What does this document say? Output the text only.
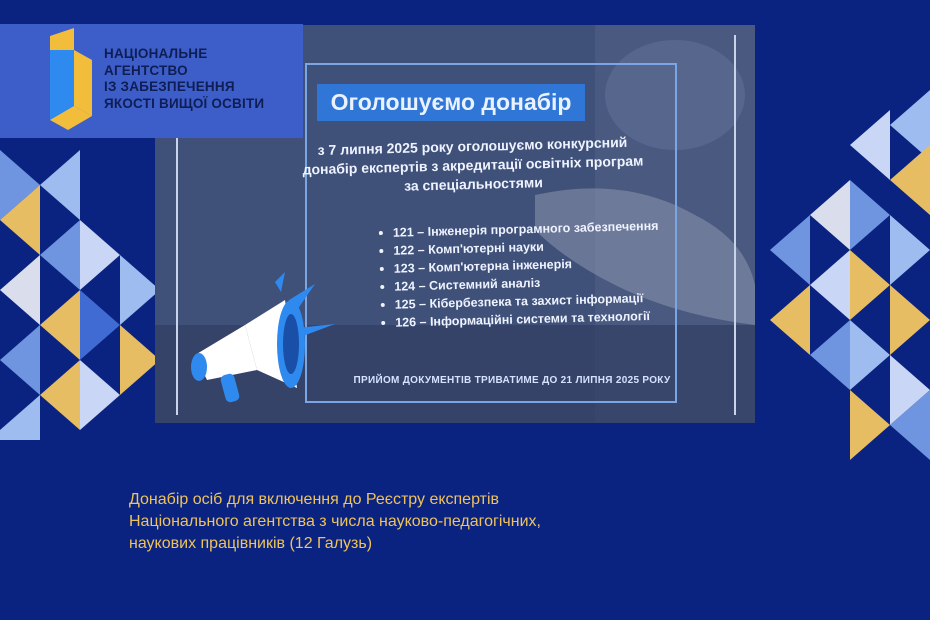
НАЦІОНАЛЬНЕ
АГЕНТСТВО
ІЗ ЗАБЕЗПЕЧЕННЯ
ЯКОСТІ ВИЩОЇ ОСВІТИ	Оголошуємо донабір

з 7 липня 2025 року оголошуємо конкурсний
донабір експертів з акредитації освітніх програм
за спеціальностями

121 – Інженерія програмного забезпечення
122 – Комп'ютерні науки
123 – Комп'ютерна інженерія
124 – Системний аналіз
125 – Кібербезпека та захист інформації
126 – Інформаційні системи та технології

ПРИЙОМ ДОКУМЕНТІВ ТРИВАТИМЕ ДО 21 ЛИПНЯ 2025 РОКУ

Донабір осіб для включення до Реєстру експертів
Національного агентства з числа науково-педагогічних,
наукових працівників (12 Галузь)
